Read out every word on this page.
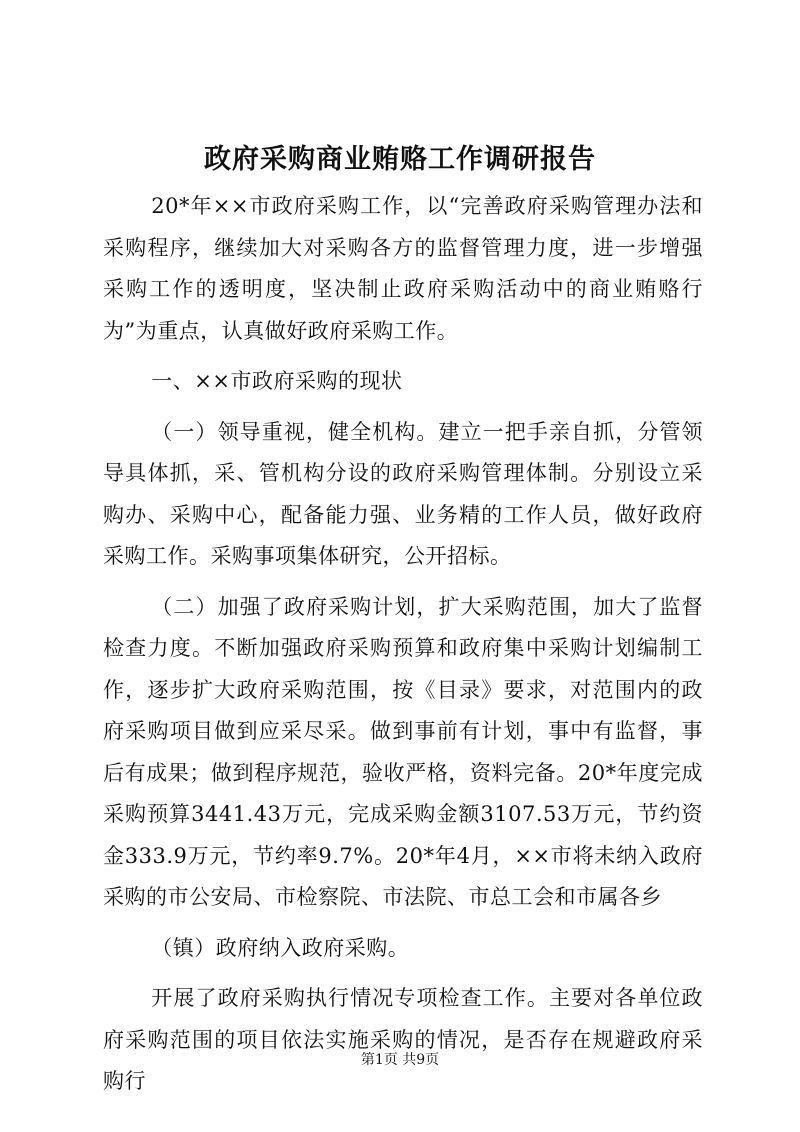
政府采购商业贿赂工作调研报告

20*年××市政府采购工作，以“完善政府采购管理办法和采购程序，继续加大对采购各方的监督管理力度，进一步增强采购工作的透明度，坚决制止政府采购活动中的商业贿赂行为”为重点，认真做好政府采购工作。

一、××市政府采购的现状

（一）领导重视，健全机构。建立一把手亲自抓，分管领导具体抓，采、管机构分设的政府采购管理体制。分别设立采购办、采购中心，配备能力强、业务精的工作人员，做好政府采购工作。采购事项集体研究，公开招标。

（二）加强了政府采购计划，扩大采购范围，加大了监督检查力度。不断加强政府采购预算和政府集中采购计划编制工作，逐步扩大政府采购范围，按《目录》要求，对范围内的政府采购项目做到应采尽采。做到事前有计划，事中有监督，事后有成果；做到程序规范，验收严格，资料完备。20*年度完成采购预算3441.43万元，完成采购金额3107.53万元，节约资金333.9万元，节约率9.7%。20*年4月，××市将未纳入政府采购的市公安局、市检察院、市法院、市总工会和市属各乡

（镇）政府纳入政府采购。

开展了政府采购执行情况专项检查工作。主要对各单位政府采购范围的项目依法实施采购的情况，是否存在规避政府采购行

第1页 共9页
